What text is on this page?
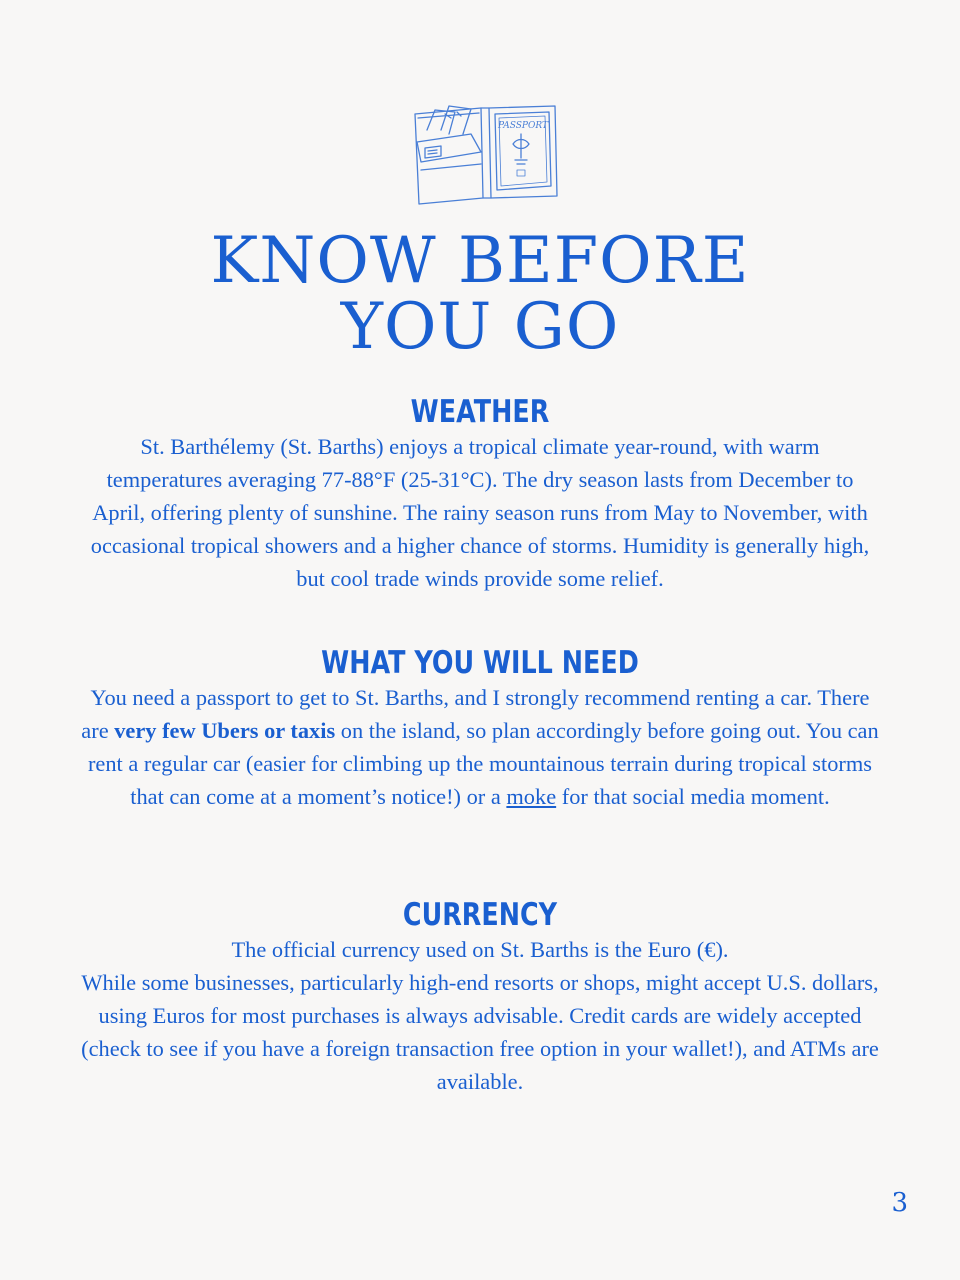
PASSPORT
KNOW BEFORE
YOU GO
WEATHER

St. Barthélemy (St. Barths) enjoys a tropical climate year-round, with warm temperatures averaging 77-88°F (25-31°C). The dry season lasts from December to April, offering plenty of sunshine. The rainy season runs from May to November, with occasional tropical showers and a higher chance of storms. Humidity is generally high, but cool trade winds provide some relief.

WHAT YOU WILL NEED

You need a passport to get to St. Barths, and I strongly recommend renting a car. There are very few Ubers or taxis on the island, so plan accordingly before going out. You can rent a regular car (easier for climbing up the mountainous terrain during tropical storms that can come at a moment’s notice!) or a moke for that social media moment.

CURRENCY

The official currency used on St. Barths is the Euro (€).

While some businesses, particularly high-end resorts or shops, might accept U.S. dollars, using Euros for most purchases is always advisable. Credit cards are widely accepted (check to see if you have a foreign transaction free option in your wallet!), and ATMs are available.

3
